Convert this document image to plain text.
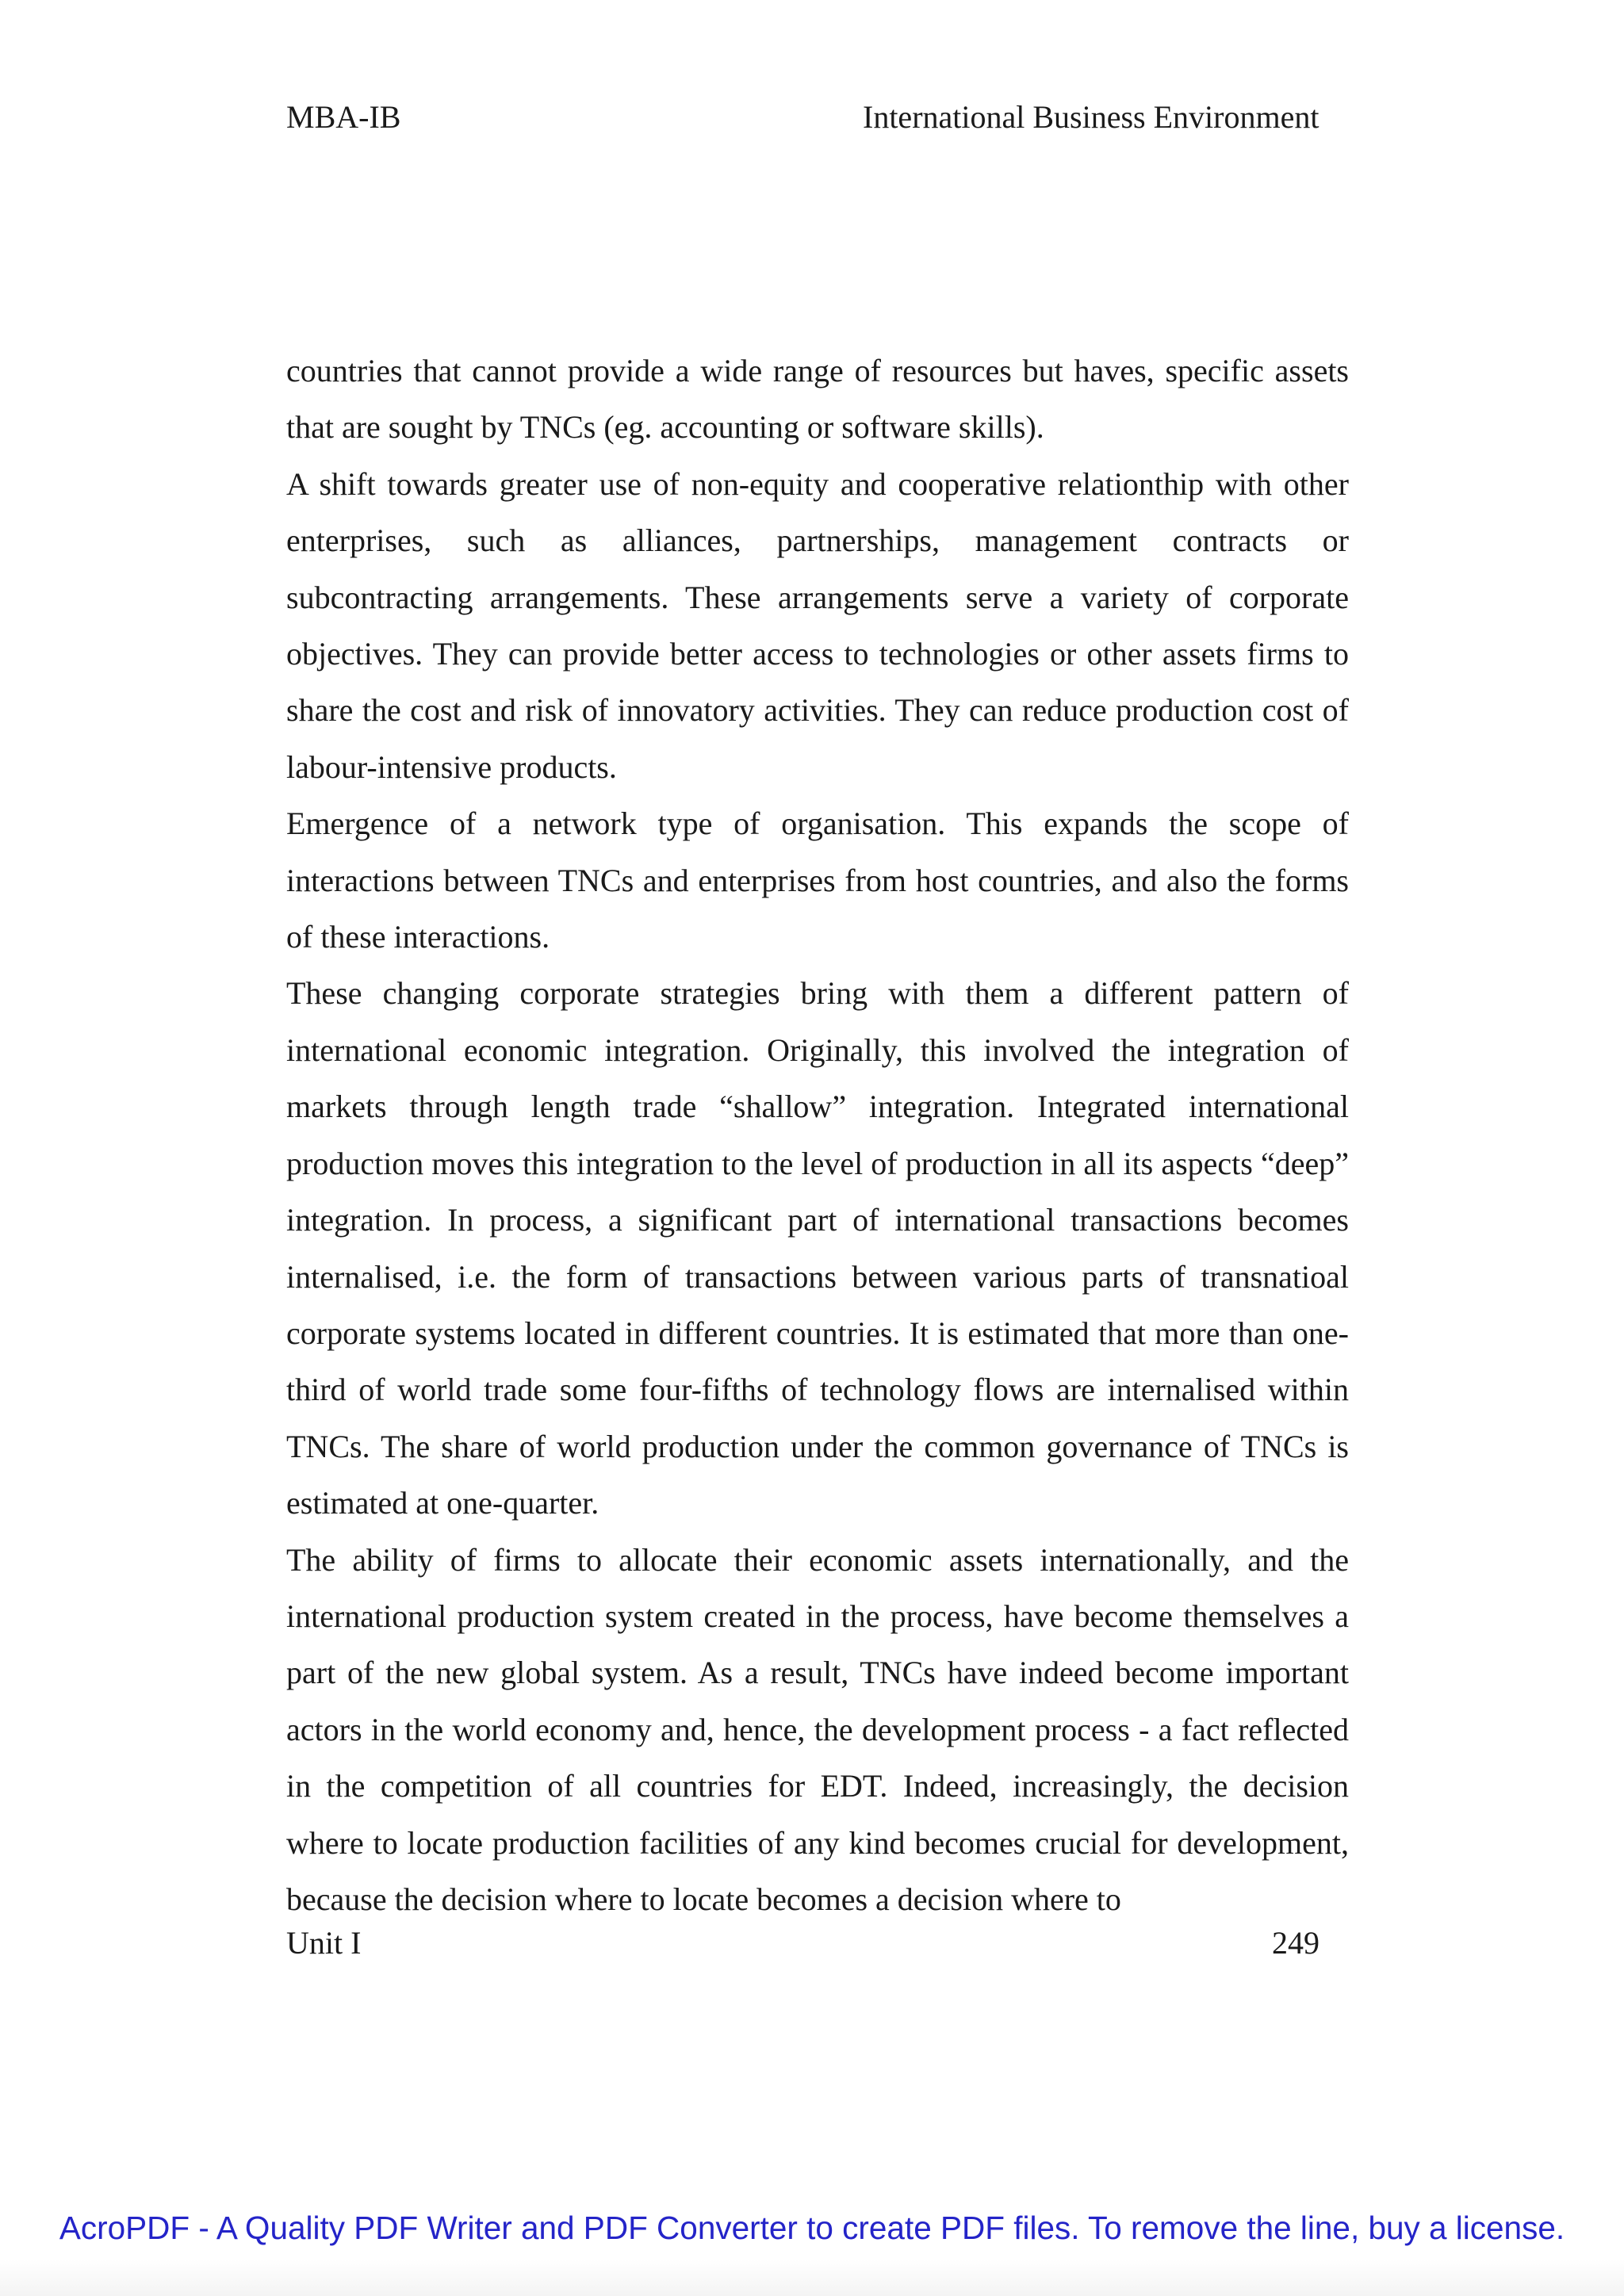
MBA-IB	International Business Environment

countries that cannot provide a wide range of resources but haves, specific assets that are sought by TNCs (eg. accounting or software skills).

A shift towards greater use of non-equity and cooperative relationthip with other enterprises, such as alliances, partnerships, management contracts or subcontracting arrangements. These arrangements serve a variety of corporate objectives. They can provide better access to technologies or other assets firms to share the cost and risk of innovatory activities. They can reduce production cost of labour-intensive products.

Emergence of a network type of organisation. This expands the scope of interactions between TNCs and enterprises from host countries, and also the forms of these interactions.

These changing corporate strategies bring with them a different pattern of international economic integration. Originally, this involved the integration of markets through length trade “shallow” integration. Integrated international production moves this integration to the level of production in all its aspects “deep” integration. In process, a significant part of international transactions becomes internalised, i.e. the form of transactions between various parts of transnatioal corporate systems located in different countries. It is estimated that more than one-third of world trade some four-fifths of technology flows are internalised within TNCs. The share of world production under the common governance of TNCs is estimated at one-quarter.

The ability of firms to allocate their economic assets internationally, and the international production system created in the process, have become themselves a part of the new global system. As a result, TNCs have indeed become important actors in the world economy and, hence, the development process - a fact reflected in the competition of all countries for EDT. Indeed, increasingly, the decision where to locate production facilities of any kind becomes crucial for development, because the decision where to locate becomes a decision where to

Unit I	249
AcroPDF - A Quality PDF Writer and PDF Converter to create PDF files. To remove the line, buy a license.
